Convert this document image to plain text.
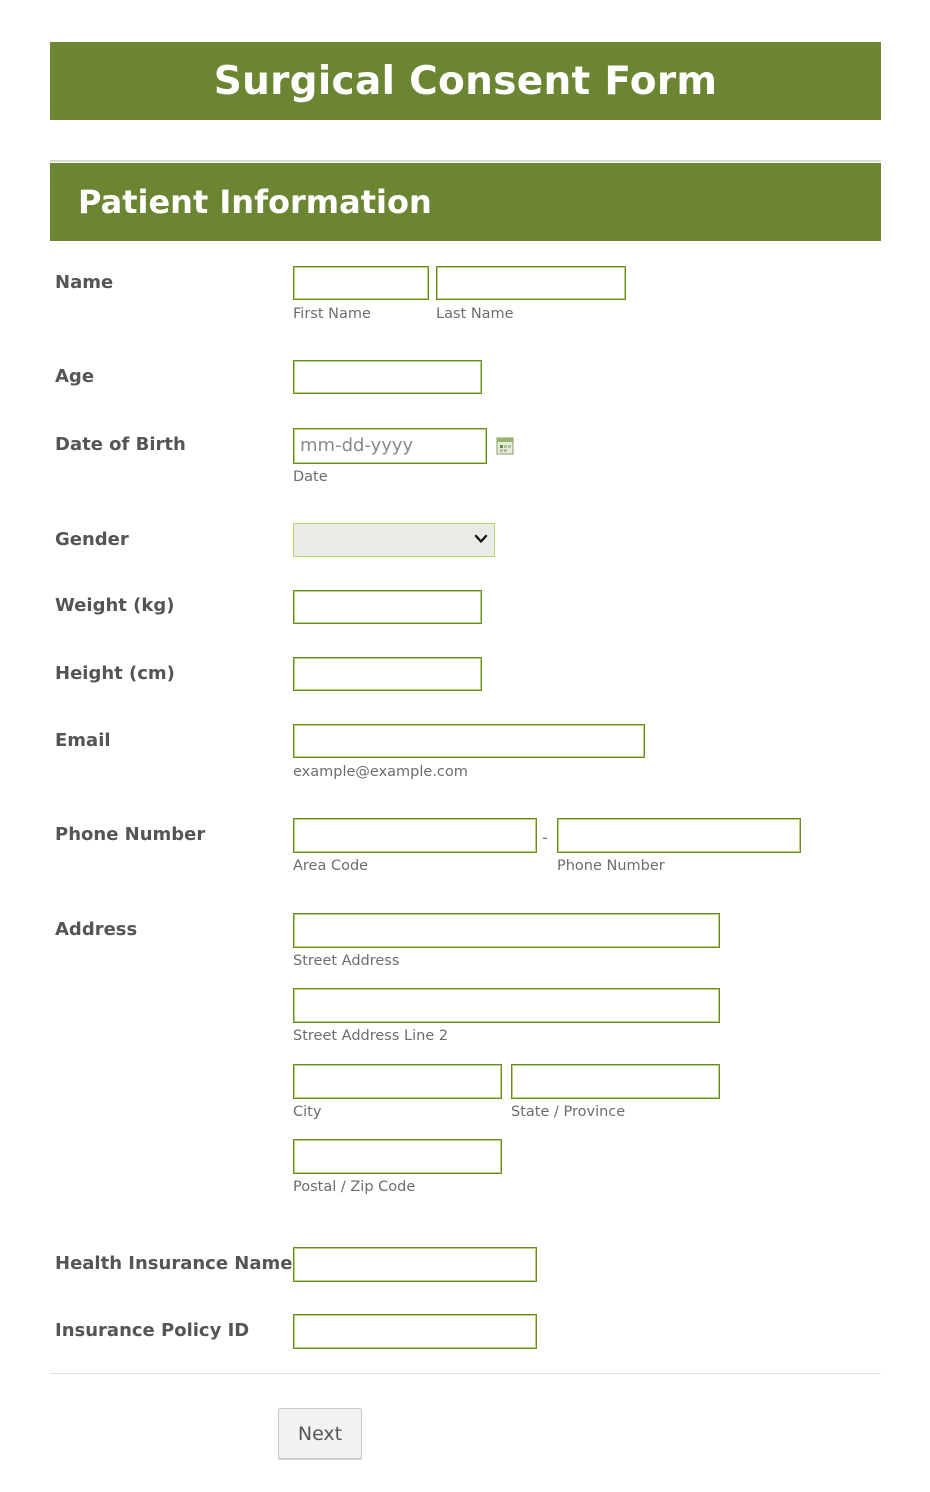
Surgical Consent Form
Patient Information
Name
First Name	Last Name
Age
Date of Birth	mm-dd-yyyy
Date
Gender
Weight (kg)
Height (cm)
Email
example@example.com
Phone Number	-
Area Code	Phone Number
Address
Street Address
Street Address Line 2
City	State / Province
Postal / Zip Code
Health Insurance Name
Insurance Policy ID
Next
